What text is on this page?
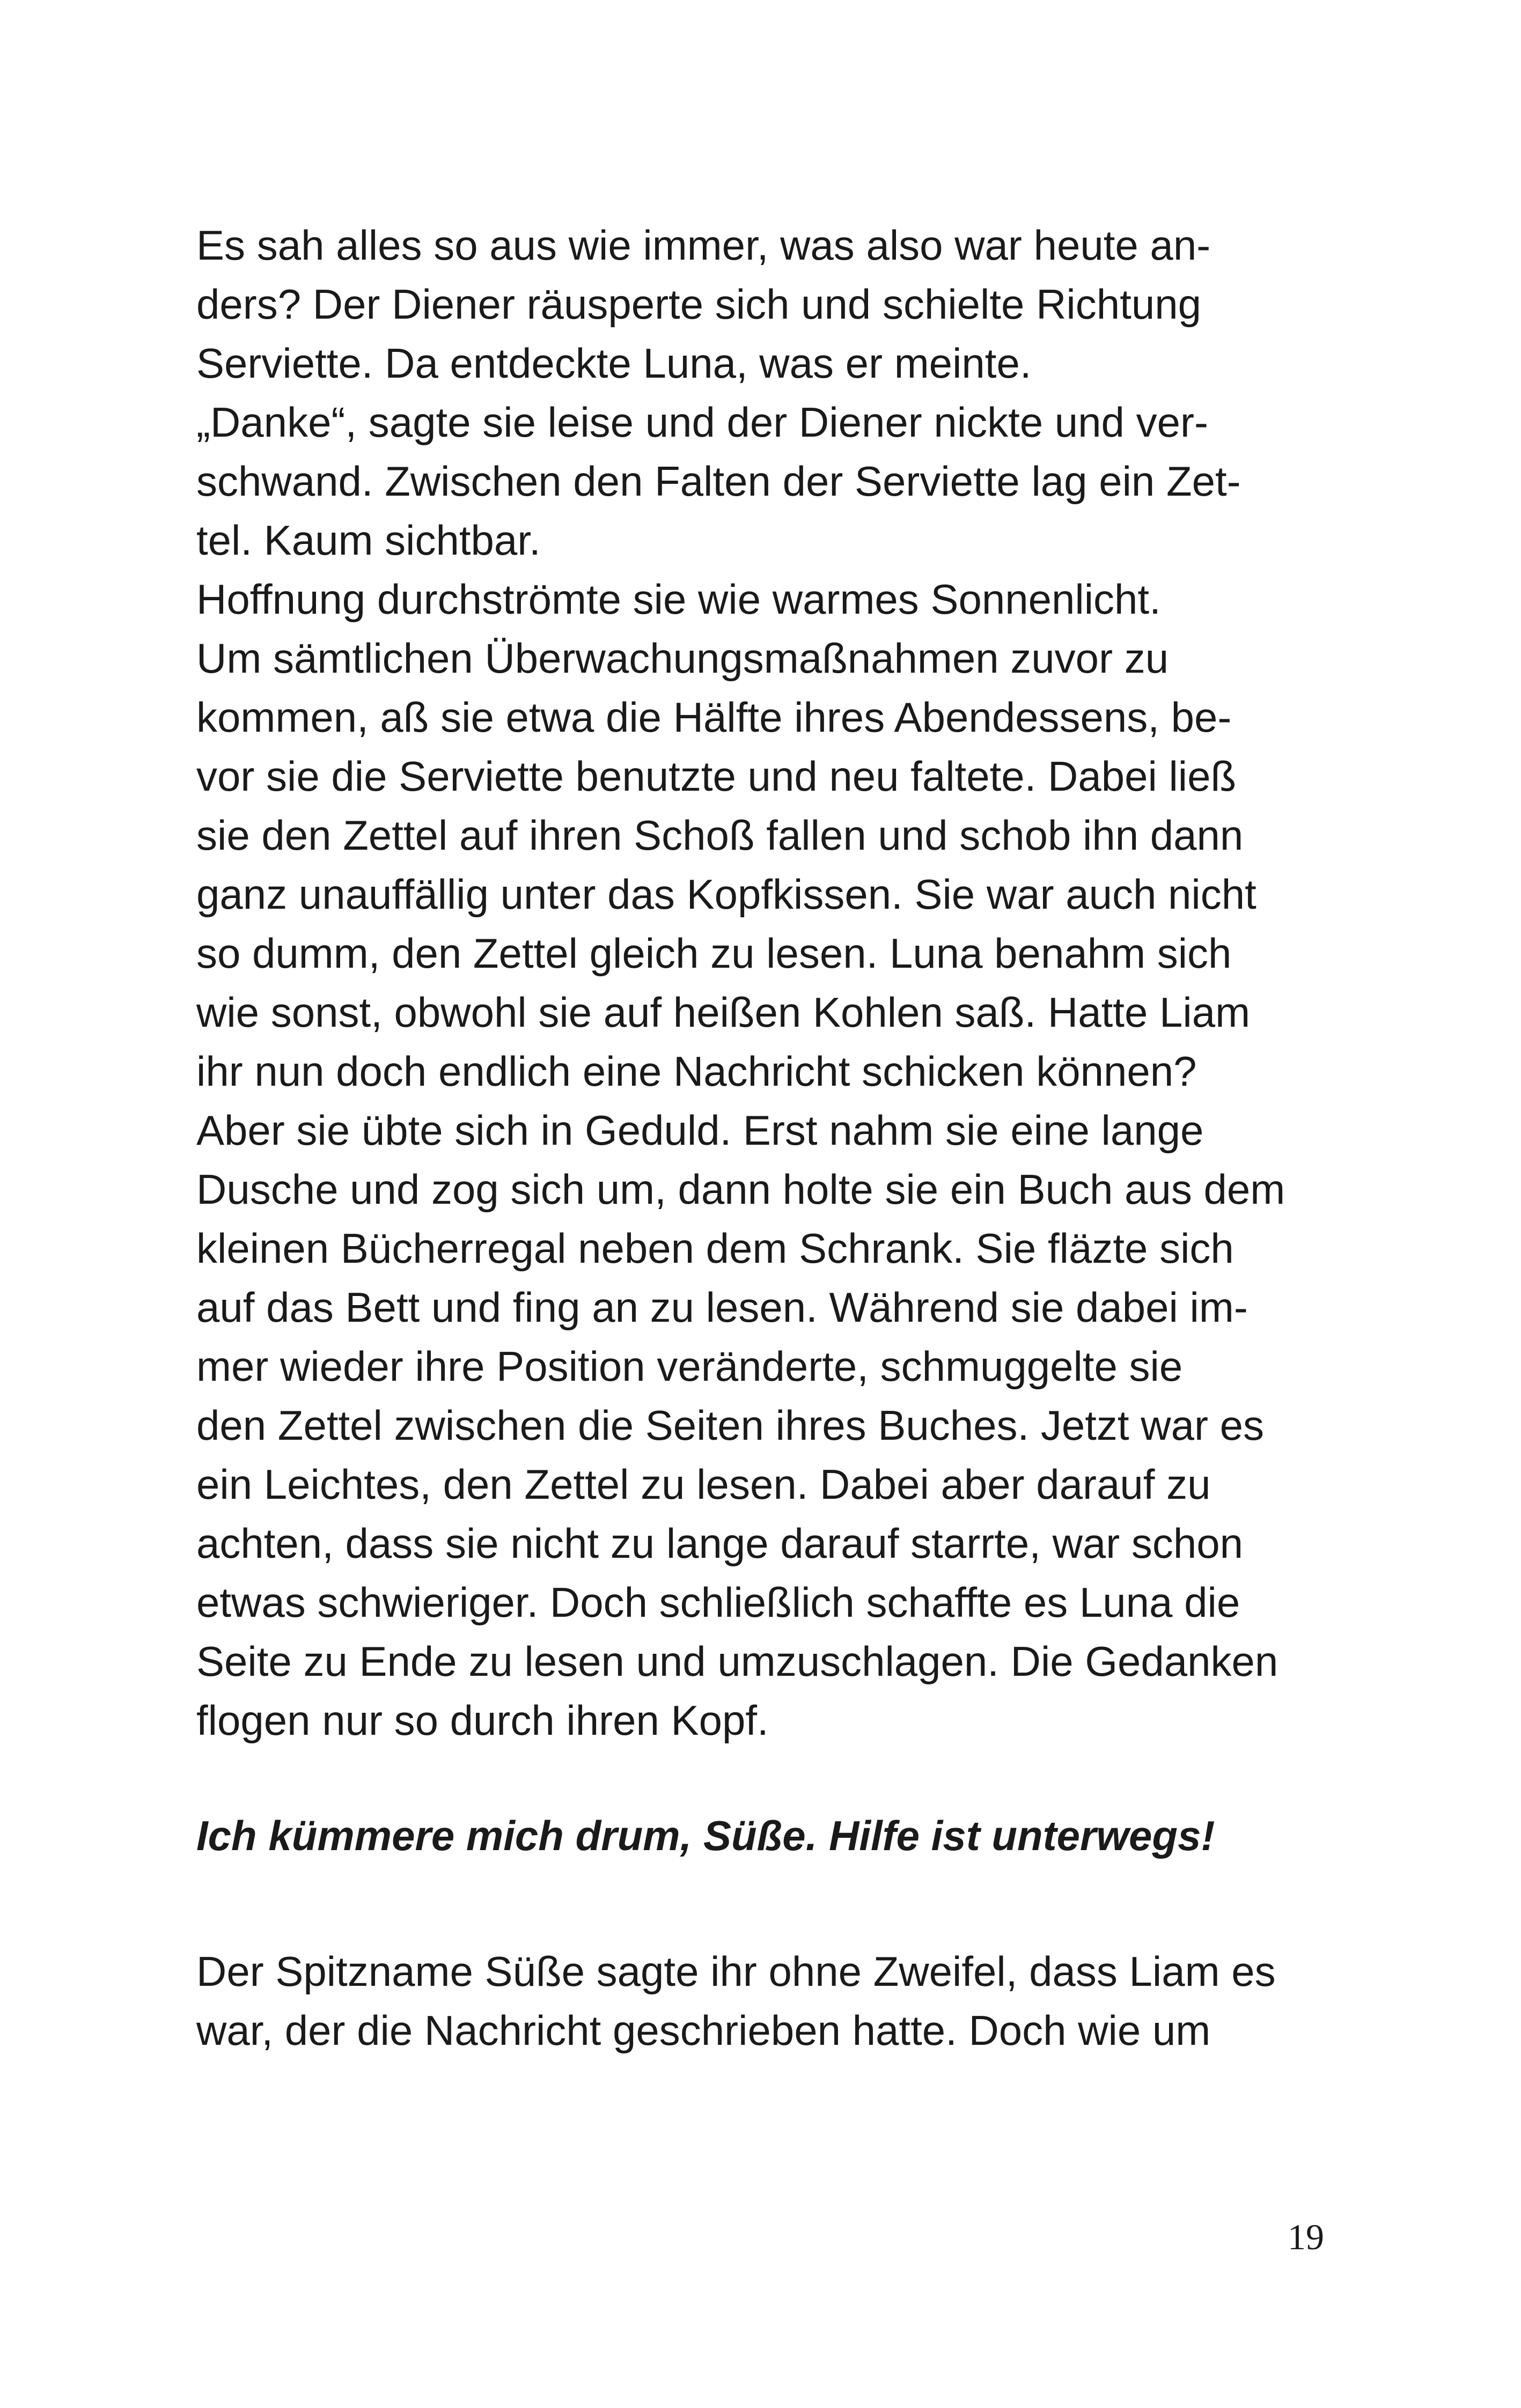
Es sah alles so aus wie immer, was also war heute an-
ders? Der Diener räusperte sich und schielte Richtung
Serviette. Da entdeckte Luna, was er meinte.
„Danke“, sagte sie leise und der Diener nickte und ver-
schwand. Zwischen den Falten der Serviette lag ein Zet-
tel. Kaum sichtbar.
Hoffnung durchströmte sie wie warmes Sonnenlicht.
Um sämtlichen Überwachungsmaßnahmen zuvor zu
kommen, aß sie etwa die Hälfte ihres Abendessens, be-
vor sie die Serviette benutzte und neu faltete. Dabei ließ
sie den Zettel auf ihren Schoß fallen und schob ihn dann
ganz unauffällig unter das Kopfkissen. Sie war auch nicht
so dumm, den Zettel gleich zu lesen. Luna benahm sich
wie sonst, obwohl sie auf heißen Kohlen saß. Hatte Liam
ihr nun doch endlich eine Nachricht schicken können?
Aber sie übte sich in Geduld. Erst nahm sie eine lange
Dusche und zog sich um, dann holte sie ein Buch aus dem
kleinen Bücherregal neben dem Schrank. Sie fläzte sich
auf das Bett und fing an zu lesen. Während sie dabei im-
mer wieder ihre Position veränderte, schmuggelte sie
den Zettel zwischen die Seiten ihres Buches. Jetzt war es
ein Leichtes, den Zettel zu lesen. Dabei aber darauf zu
achten, dass sie nicht zu lange darauf starrte, war schon
etwas schwieriger. Doch schließlich schaffte es Luna die
Seite zu Ende zu lesen und umzuschlagen. Die Gedanken
flogen nur so durch ihren Kopf.
Ich kümmere mich drum, Süße. Hilfe ist unterwegs!
Der Spitzname Süße sagte ihr ohne Zweifel, dass Liam es
war, der die Nachricht geschrieben hatte. Doch wie um
19
